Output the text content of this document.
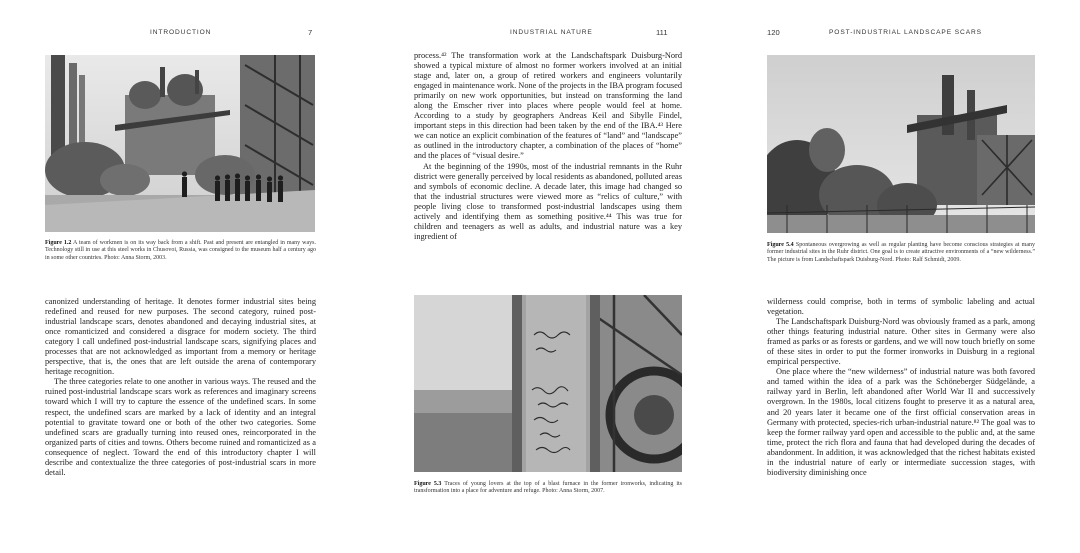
INTRODUCTION	7
Figure 1.2 A team of workmen is on its way back from a shift. Past and present are entangled in many ways. Technology still in use at this steel works in Chusovoi, Russia, was consigned to the museum half a century ago in some other countries. Photo: Anna Storm, 2003.

canonized understanding of heritage. It denotes former industrial sites being redefined and reused for new purposes. The second category, ruined post-industrial landscape scars, denotes abandoned and decaying industrial sites, at once romanticized and considered a disgrace for modern society. The third category I call undefined post-industrial landscape scars, signifying places and processes that are not acknowledged as important from a memory or heritage perspective, that is, the ones that are left outside the arena of contemporary heritage recognition.

The three categories relate to one another in various ways. The reused and the ruined post-industrial landscape scars work as references and imaginary screens toward which I will try to capture the essence of the undefined scars. In some respect, the undefined scars are marked by a lack of identity and an integral potential to gravitate toward one or both of the other two categories. Some undefined scars are gradually turning into reused ones, reincorporated in the organized parts of cities and towns. Others become ruined and romanticized as a consequence of neglect. Toward the end of this introductory chapter I will describe and contextualize the three categories of post-industrial scars in more detail.

INDUSTRIAL NATURE	111

process.⁴² The transformation work at the Landschaftspark Duisburg-Nord showed a typical mixture of almost no former workers involved at an initial stage and, later on, a group of retired workers and engineers voluntarily engaged in maintenance work. None of the projects in the IBA program focused primarily on new work opportunities, but instead on transforming the land along the Emscher river into places where people would feel at home. According to a study by geographers Andreas Keil and Sibylle Findel, important steps in this direction had been taken by the end of the IBA.⁴³ Here we can notice an explicit combination of the features of “land” and “landscape” as outlined in the introductory chapter, a combination of the places of “home” and the places of “visual desire.”

At the beginning of the 1990s, most of the industrial remnants in the Ruhr district were generally perceived by local residents as abandoned, polluted areas and symbols of economic decline. A decade later, this image had changed so that the industrial structures were viewed more as “relics of culture,” with people living close to transformed post-industrial landscapes using them actively and identifying them as something positive.⁴⁴ This was true for children and teenagers as well as adults, and industrial nature was a key ingredient of

Figure 5.3 Traces of young lovers at the top of a blast furnace in the former ironworks, indicating its transformation into a place for adventure and refuge. Photo: Anna Storm, 2007.
120	POST-INDUSTRIAL LANDSCAPE SCARS
Figure 5.4 Spontaneous overgrowing as well as regular planting have become conscious strategies at many former industrial sites in the Ruhr district. One goal is to create attractive environments of a “new wilderness.” The picture is from Landschaftspark Duisburg-Nord. Photo: Ralf Schmidt, 2009.

wilderness could comprise, both in terms of symbolic labeling and actual vegetation.

The Landschaftspark Duisburg-Nord was obviously framed as a park, among other things featuring industrial nature. Other sites in Germany were also framed as parks or as forests or gardens, and we will now touch briefly on some of these sites in order to put the former ironworks in Duisburg in a regional empirical perspective.

One place where the “new wilderness” of industrial nature was both favored and tamed within the idea of a park was the Schöneberger Südgelände, a railway yard in Berlin, left abandoned after World War II and successively overgrown. In the 1980s, local citizens fought to preserve it as a natural area, and 20 years later it became one of the first official conservation areas in Germany with protected, species-rich urban-industrial nature.⁸² The goal was to keep the former railway yard open and accessible to the public and, at the same time, protect the rich flora and fauna that had developed during the decades of abandonment. In addition, it was acknowledged that the richest habitats existed in the industrial nature of early or intermediate succession stages, with biodiversity diminishing once
